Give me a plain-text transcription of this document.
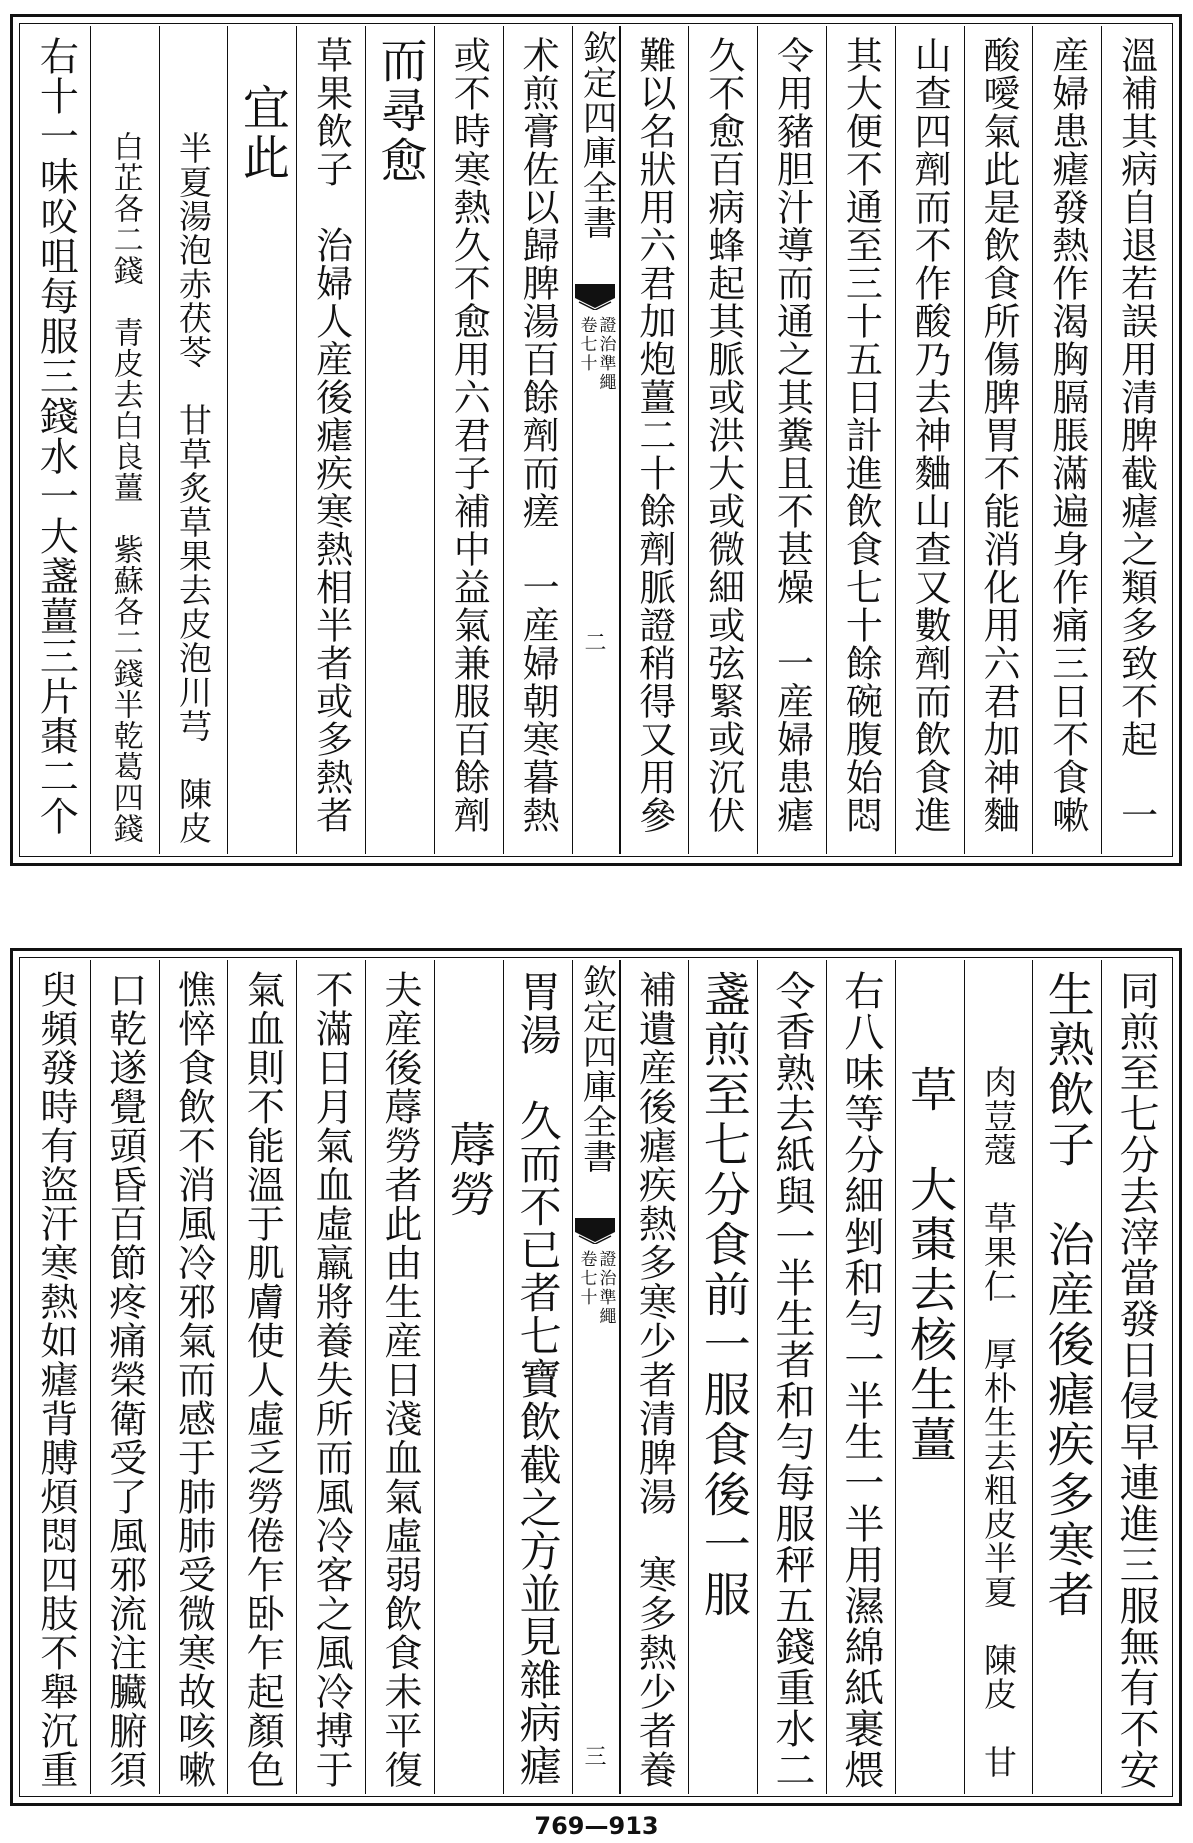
溫補其病自退若誤用清脾截瘧之類多致不起　一
産婦患瘧發熱作渴胸膈脹滿遍身作痛三日不食嗽
酸噯氣此是飲食所傷脾胃不能消化用六君加神麯
山查四劑而不作酸乃去神麯山查又數劑而飲食進
其大便不通至三十五日計進飲食七十餘碗腹始悶
令用豬胆汁導而通之其糞且不甚燥　一産婦患瘧
久不愈百病蜂起其脈或洪大或微細或弦緊或沉伏
難以名狀用六君加炮薑二十餘劑脈證稍得又用參
欽定四庫全書
證治準繩
卷七十
二
术煎膏佐以歸脾湯百餘劑而瘥　一産婦朝寒暮熱
或不時寒熱久不愈用六君子補中益氣兼服百餘劑
而尋愈
草果飲子　治婦人産後瘧疾寒熱相半者或多熱者
宜此
半夏湯泡赤茯苓　甘草炙草果去皮泡川芎　陳皮
白芷各二錢　青皮去白良薑　紫蘇各二錢半乾葛四錢
右十一味㕮咀每服三錢水一大盞薑三片棗二个
同煎至七分去滓當發日侵早連進三服無有不安
生熟飲子　治産後瘧疾多寒者
肉荳蔻　草果仁　厚朴生去粗皮半夏　陳皮　甘
草　大棗去核生薑
右八味等分細剉和勻一半生一半用濕綿紙裹煨
令香熟去紙與一半生者和勻每服秤五錢重水二
盞煎至七分食前一服食後一服
補遺産後瘧疾熱多寒少者清脾湯　寒多熱少者養
欽定四庫全書
證治準繩
卷七十
三
胃湯　久而不已者七寶飲截之方並見雜病瘧
蓐勞
夫産後蓐勞者此由生産日淺血氣虛弱飲食未平復
不滿日月氣血虛羸將養失所而風冷客之風冷搏于
氣血則不能溫于肌膚使人虛乏勞倦乍卧乍起顏色
憔悴食飲不消風冷邪氣而感于肺肺受微寒故咳嗽
口乾遂覺頭昏百節疼痛榮衛受了風邪流注臟腑須
臾頻發時有盜汗寒熱如瘧背膊煩悶四肢不舉沉重
769—913
